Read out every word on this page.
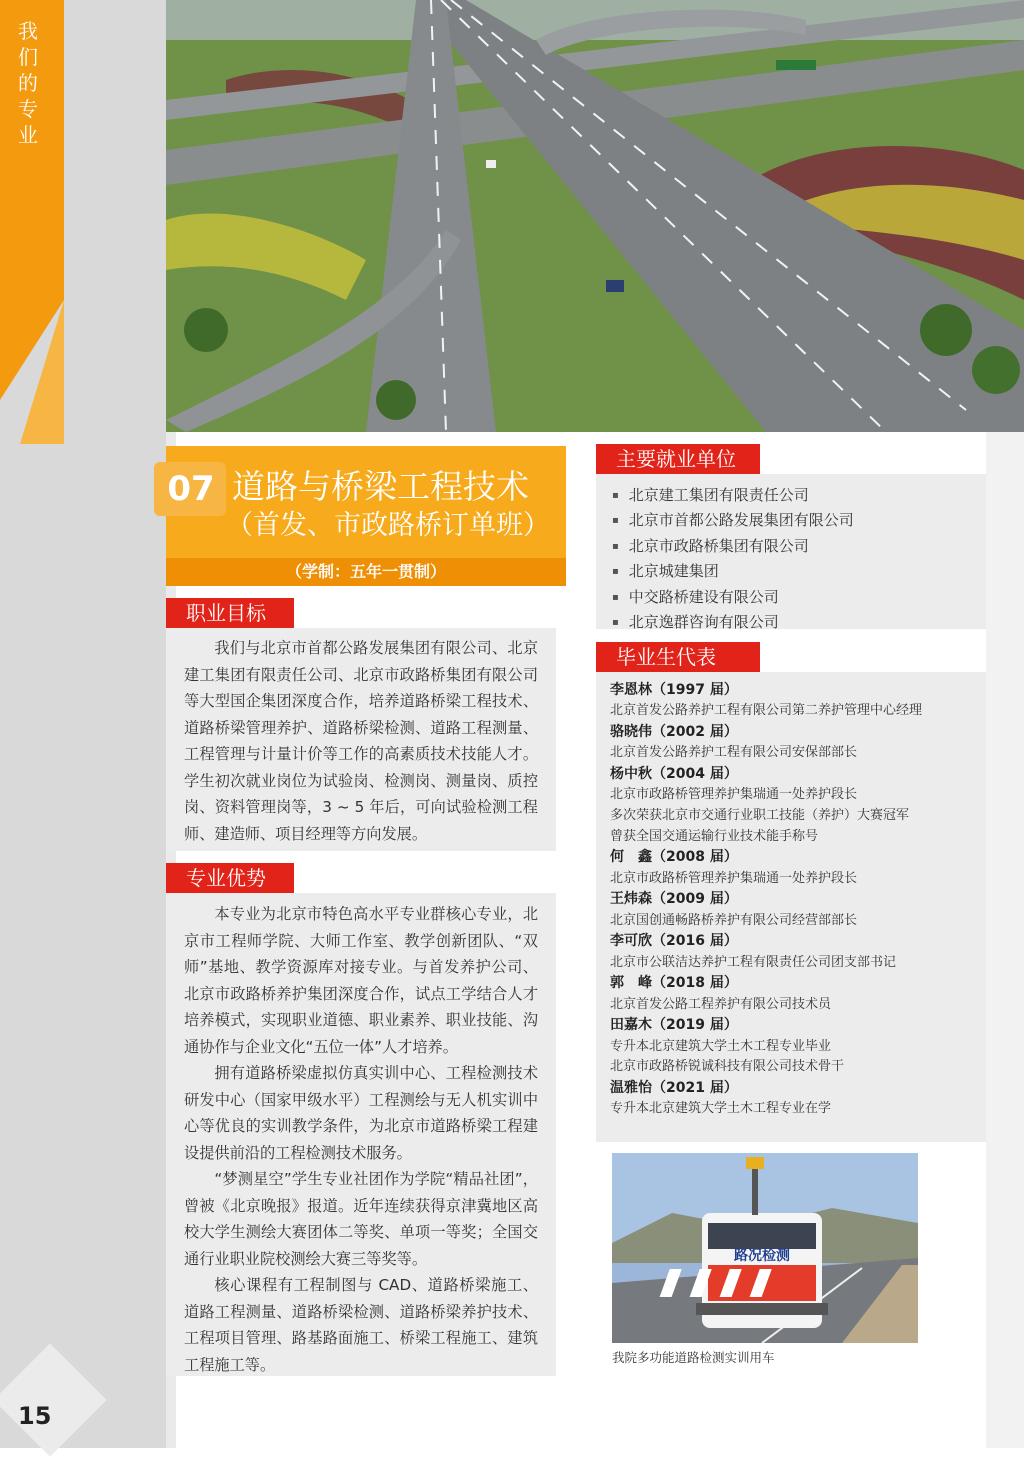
我们的专业
15
07 道路与桥梁工程技术
（首发、市政路桥订单班）
（学制：五年一贯制）
职业目标

我们与北京市首都公路发展集团有限公司、北京建工集团有限责任公司、北京市政路桥集团有限公司等大型国企集团深度合作，培养道路桥梁工程技术、道路桥梁管理养护、道路桥梁检测、道路工程测量、工程管理与计量计价等工作的高素质技术技能人才。学生初次就业岗位为试验岗、检测岗、测量岗、质控岗、资料管理岗等，3 ~ 5 年后，可向试验检测工程师、建造师、项目经理等方向发展。

专业优势

本专业为北京市特色高水平专业群核心专业，北京市工程师学院、大师工作室、教学创新团队、“双师”基地、教学资源库对接专业。与首发养护公司、北京市政路桥养护集团深度合作，试点工学结合人才培养模式，实现职业道德、职业素养、职业技能、沟通协作与企业文化“五位一体”人才培养。

拥有道路桥梁虚拟仿真实训中心、工程检测技术研发中心（国家甲级水平）工程测绘与无人机实训中心等优良的实训教学条件，为北京市道路桥梁工程建设提供前沿的工程检测技术服务。

“梦测星空”学生专业社团作为学院“精品社团”，曾被《北京晚报》报道。近年连续获得京津冀地区高校大学生测绘大赛团体二等奖、单项一等奖；全国交通行业职业院校测绘大赛三等奖等。

核心课程有工程制图与 CAD、道路桥梁施工、道路工程测量、道路桥梁检测、道路桥梁养护技术、工程项目管理、路基路面施工、桥梁工程施工、建筑工程施工等。

主要就业单位
▪ 北京建工集团有限责任公司
▪ 北京市首都公路发展集团有限公司
▪ 北京市政路桥集团有限公司
▪ 北京城建集团
▪ 中交路桥建设有限公司
▪ 北京逸群咨询有限公司
毕业生代表
李恩林（1997 届）
北京首发公路养护工程有限公司第二养护管理中心经理
骆晓伟（2002 届）
北京首发公路养护工程有限公司安保部部长
杨中秋（2004 届）
北京市政路桥管理养护集瑞通一处养护段长
多次荣获北京市交通行业职工技能（养护）大赛冠军
曾获全国交通运输行业技术能手称号
何　鑫（2008 届）
北京市政路桥管理养护集瑞通一处养护段长
王炜森（2009 届）
北京国创通畅路桥养护有限公司经营部部长
李可欣（2016 届）
北京市公联洁达养护工程有限责任公司团支部书记
郭　峰（2018 届）
北京首发公路工程养护有限公司技术员
田嘉木（2019 届）
专升本北京建筑大学土木工程专业毕业
北京市政路桥锐诚科技有限公司技术骨干
温雅怡（2021 届）
专升本北京建筑大学土木工程专业在学
路况检测
我院多功能道路检测实训用车
